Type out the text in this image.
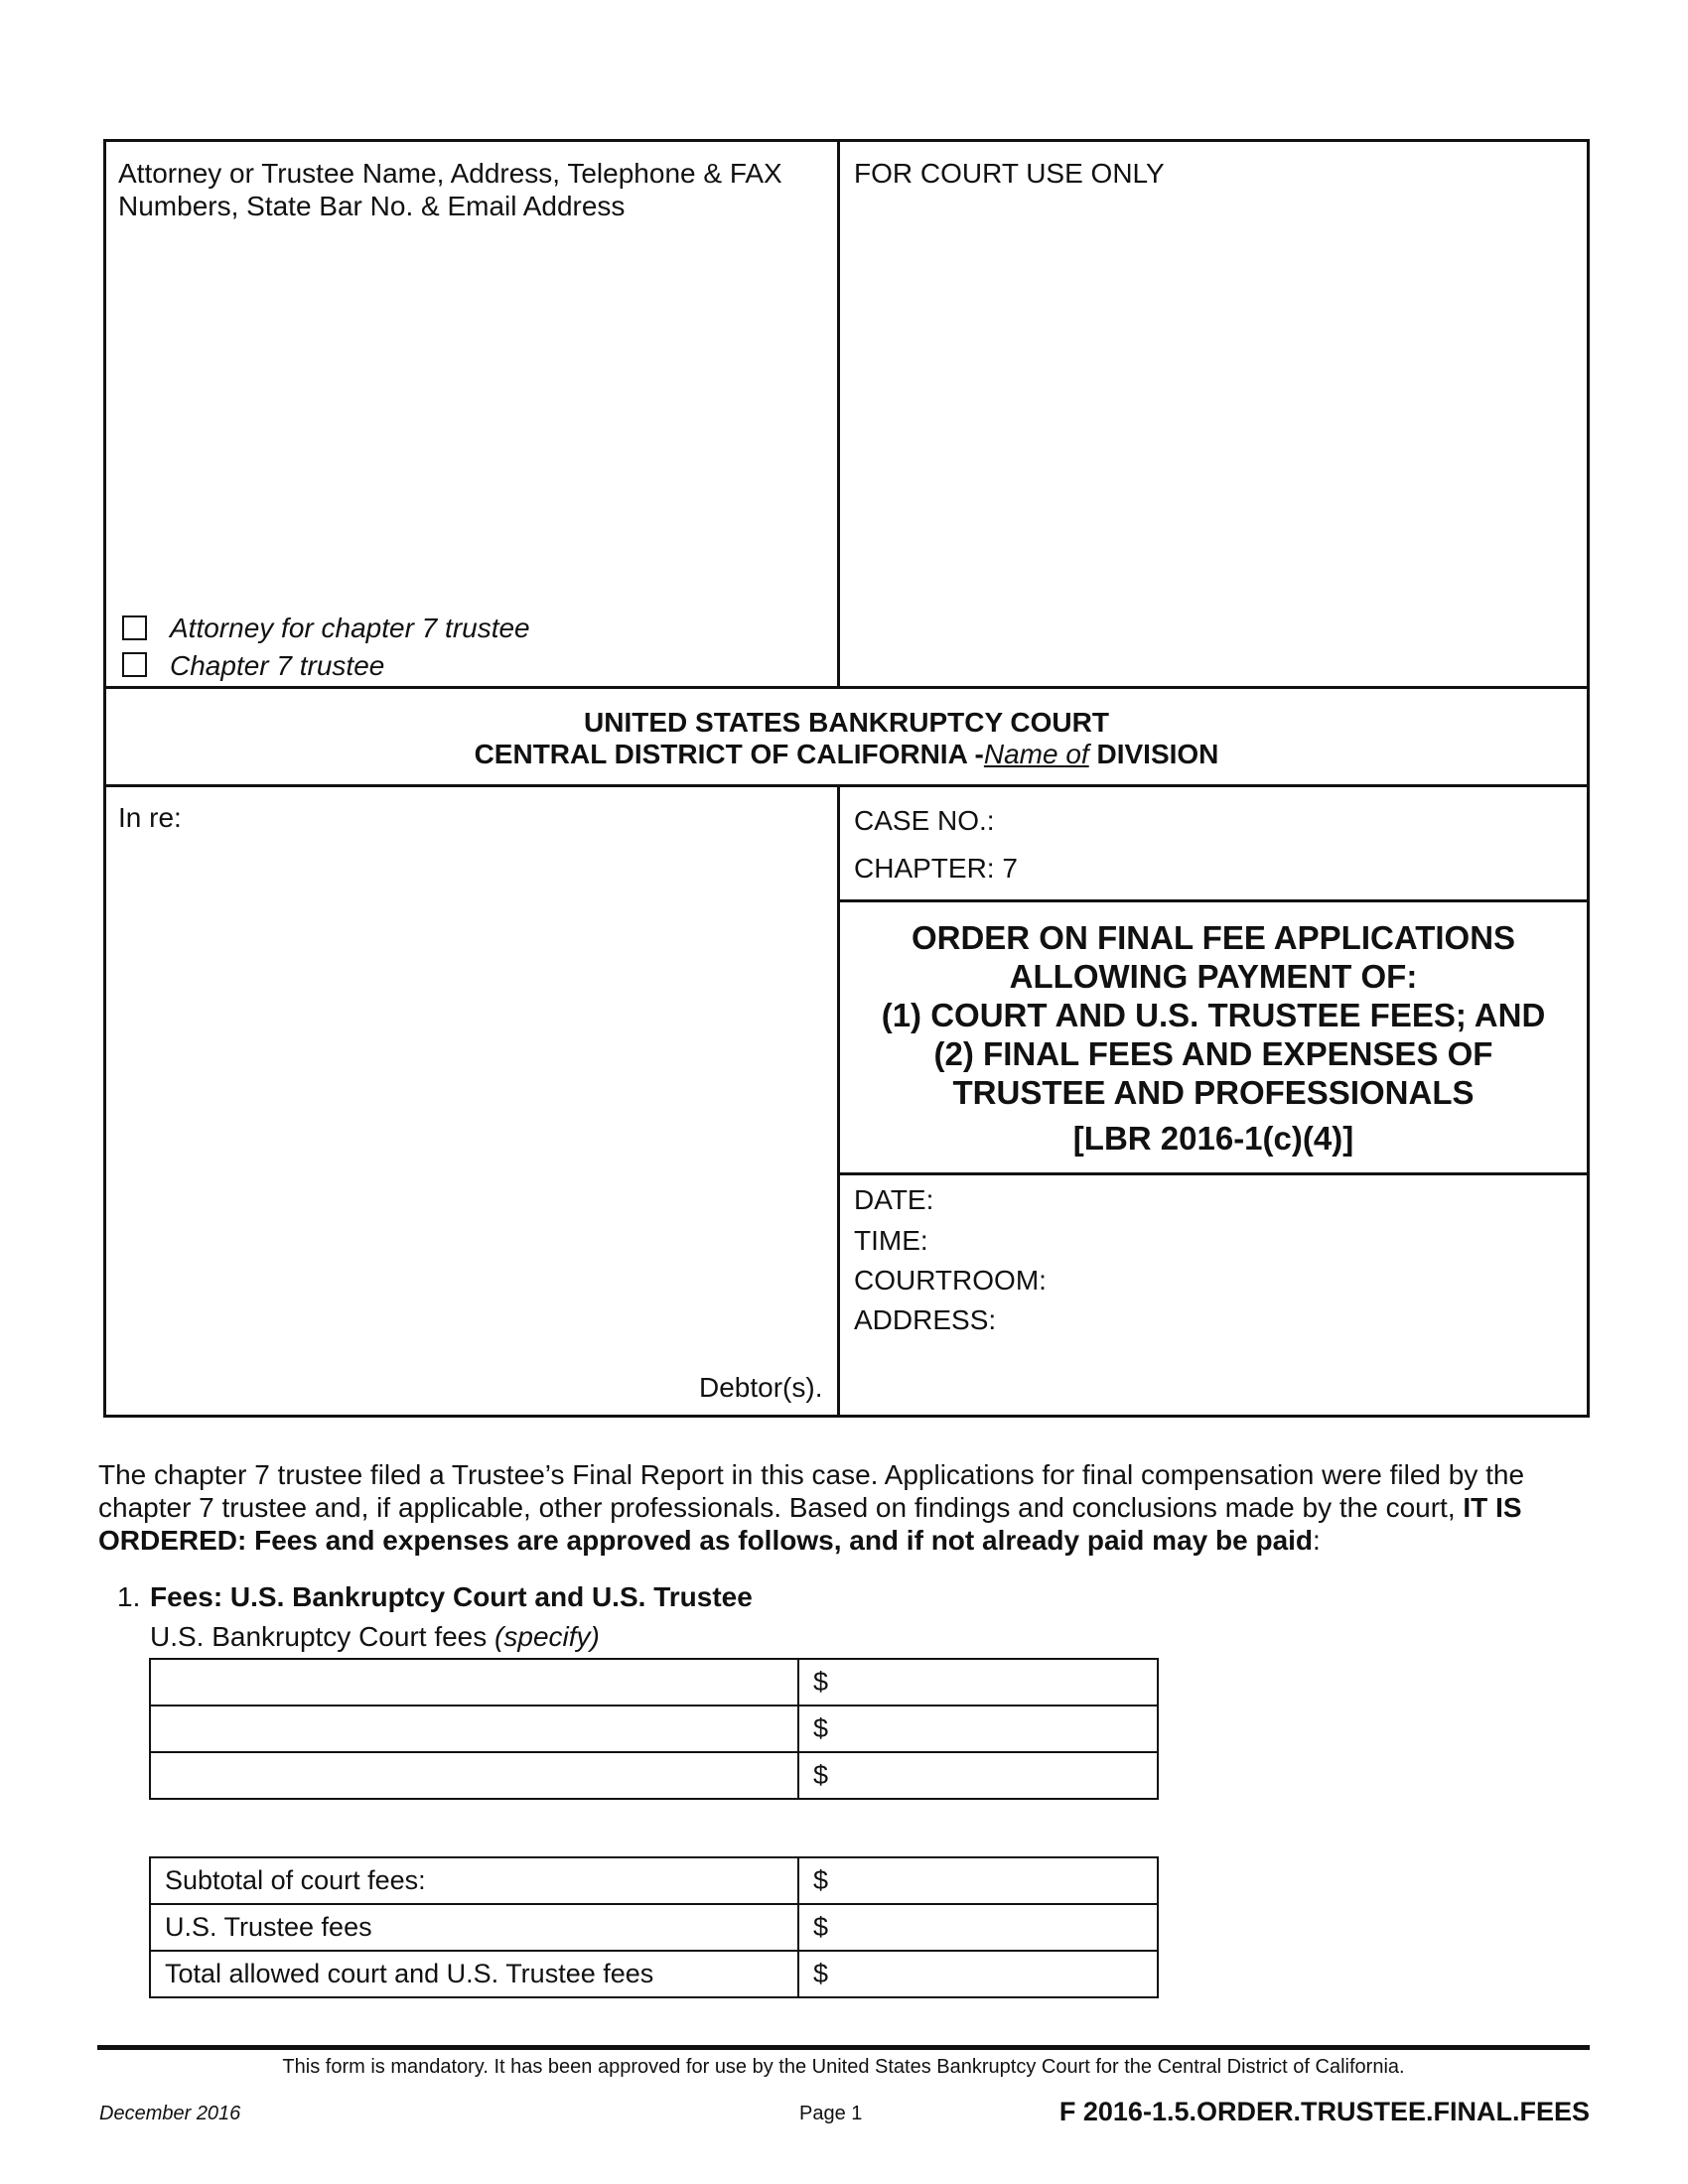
Attorney or Trustee Name, Address, Telephone & FAX
Numbers, State Bar No. & Email Address
Attorney for chapter 7 trustee
Chapter 7 trustee
FOR COURT USE ONLY
UNITED STATES BANKRUPTCY COURT
CENTRAL DISTRICT OF CALIFORNIA -Name of DIVISION
In re:
Debtor(s).
CASE NO.:
CHAPTER: 7
ORDER ON FINAL FEE APPLICATIONS
ALLOWING PAYMENT OF:
(1) COURT AND U.S. TRUSTEE FEES; AND
(2) FINAL FEES AND EXPENSES OF
TRUSTEE AND PROFESSIONALS
[LBR 2016-1(c)(4)]
DATE:
TIME:
COURTROOM:
ADDRESS:
The chapter 7 trustee filed a Trustee’s Final Report in this case. Applications for final compensation were filed by the
chapter 7 trustee and, if applicable, other professionals. Based on findings and conclusions made by the court, IT IS
ORDERED: Fees and expenses are approved as follows, and if not already paid may be paid:
1. Fees: U.S. Bankruptcy Court and U.S. Trustee
U.S. Bankruptcy Court fees (specify)
	$
	$
	$
Subtotal of court fees:	$
U.S. Trustee fees	$
Total allowed court and U.S. Trustee fees	$
This form is mandatory. It has been approved for use by the United States Bankruptcy Court for the Central District of California.
December 2016	Page 1	F 2016-1.5.ORDER.TRUSTEE.FINAL.FEES
